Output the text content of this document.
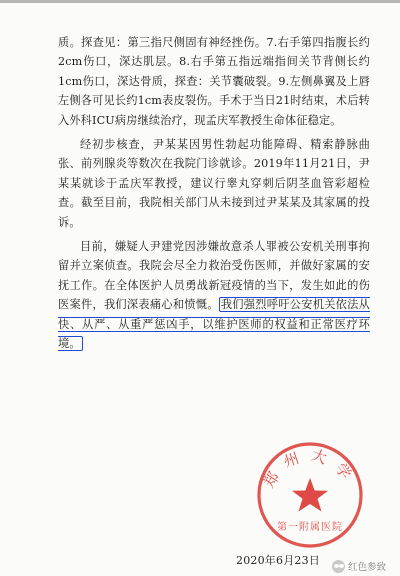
质。探查见：第三指尺侧固有神经挫伤。7.右手第四指腹长约2cm伤口，深达肌层。8.右手第五指远端指间关节背侧长约1cm伤口，深达骨质，探查：关节囊破裂。9.左侧鼻翼及上唇左侧各可见长约1cm表皮裂伤。手术于当日21时结束，术后转入外科ICU病房继续治疗，现孟庆军教授生命体征稳定。

经初步核查，尹某某因男性勃起功能障碍、精索静脉曲张、前列腺炎等数次在我院门诊就诊。2019年11月21日，尹某某就诊于孟庆军教授，建议行睾丸穿刺后阴茎血管彩超检查。截至目前，我院相关部门从未接到过尹某某及其家属的投诉。

目前，嫌疑人尹建党因涉嫌故意杀人罪被公安机关刑事拘留并立案侦查。我院会尽全力救治受伤医师，并做好家属的安抚工作。在全体医护人员勇战新冠疫情的当下，发生如此的伤医案件，我们深表痛心和愤慨。 我们强烈呼吁公安机关依法从快、从严、从重严惩凶手，以维护医师的权益和正常医疗环境。

郑州大学
第一附属医院
2020年6月23日
红色参致
